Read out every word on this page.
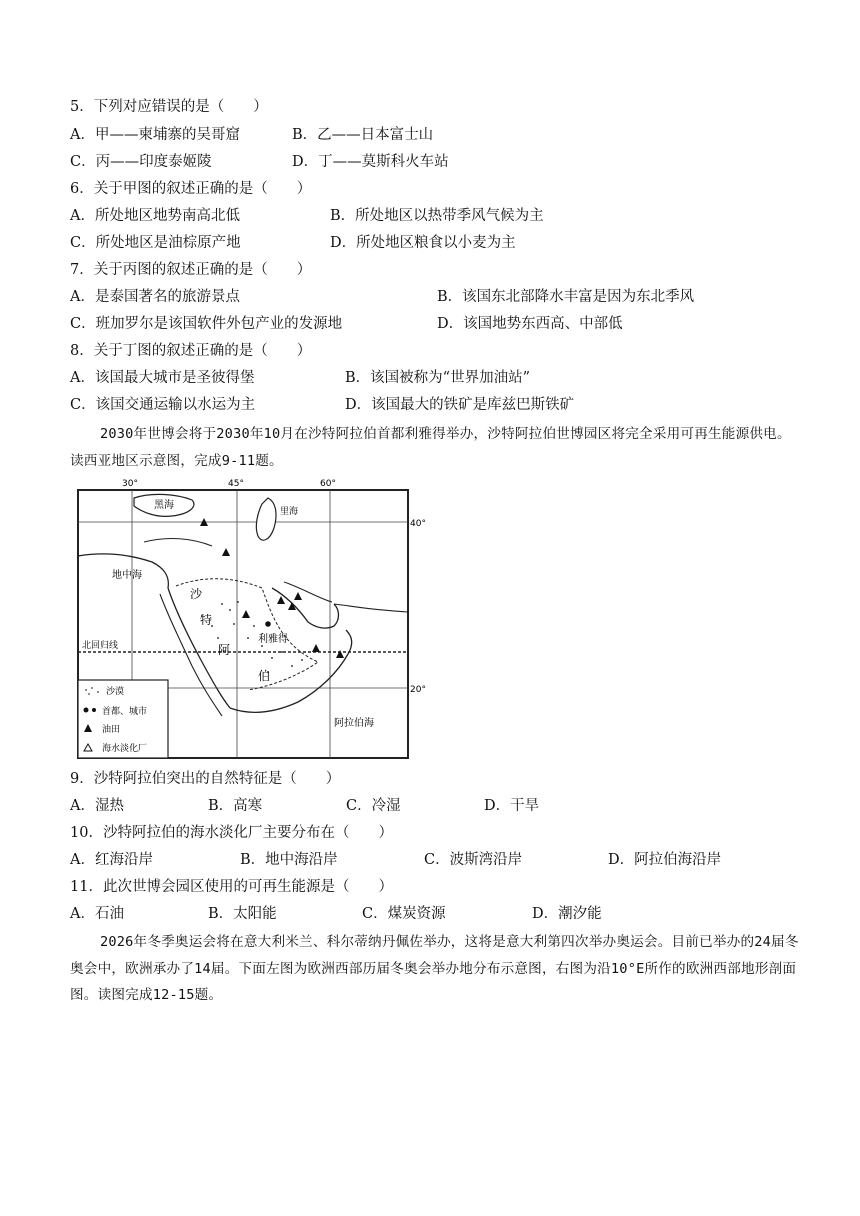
5．下列对应错误的是（　　）
A．甲——柬埔寨的吴哥窟	B．乙——日本富士山
C．丙——印度泰姬陵	D．丁——莫斯科火车站
6．关于甲图的叙述正确的是（　　）
A．所处地区地势南高北低	B．所处地区以热带季风气候为主
C．所处地区是油棕原产地	D．所处地区粮食以小麦为主
7．关于丙图的叙述正确的是（　　）
A．是泰国著名的旅游景点	B．该国东北部降水丰富是因为东北季风
C．班加罗尔是该国软件外包产业的发源地	D．该国地势东西高、中部低
8．关于丁图的叙述正确的是（　　）
A．该国最大城市是圣彼得堡	B．该国被称为“世界加油站”
C．该国交通运输以水运为主	D．该国最大的铁矿是库兹巴斯铁矿
2030年世博会将于2030年10月在沙特阿拉伯首都利雅得举办，沙特阿拉伯世博园区将完全采用可再生能源供电。读西亚地区示意图，完成9-11题。
30°	45°	60°
40°
20°
黑海
里海
地中海
沙
特
阿
利雅得
伯
北回归线
阿拉伯海
沙漠
首都、城市
油田
海水淡化厂
9．沙特阿拉伯突出的自然特征是（　　）
A．湿热	B．高寒	C．冷湿	D．干旱
10．沙特阿拉伯的海水淡化厂主要分布在（　　）
A．红海沿岸	B．地中海沿岸	C．波斯湾沿岸	D．阿拉伯海沿岸
11．此次世博会园区使用的可再生能源是（　　）
A．石油	B．太阳能	C．煤炭资源	D．潮汐能
2026年冬季奥运会将在意大利米兰、科尔蒂纳丹佩佐举办，这将是意大利第四次举办奥运会。目前已举办的24届冬奥会中，欧洲承办了14届。下面左图为欧洲西部历届冬奥会举办地分布示意图，右图为沿10°E所作的欧洲西部地形剖面图。读图完成12-15题。
